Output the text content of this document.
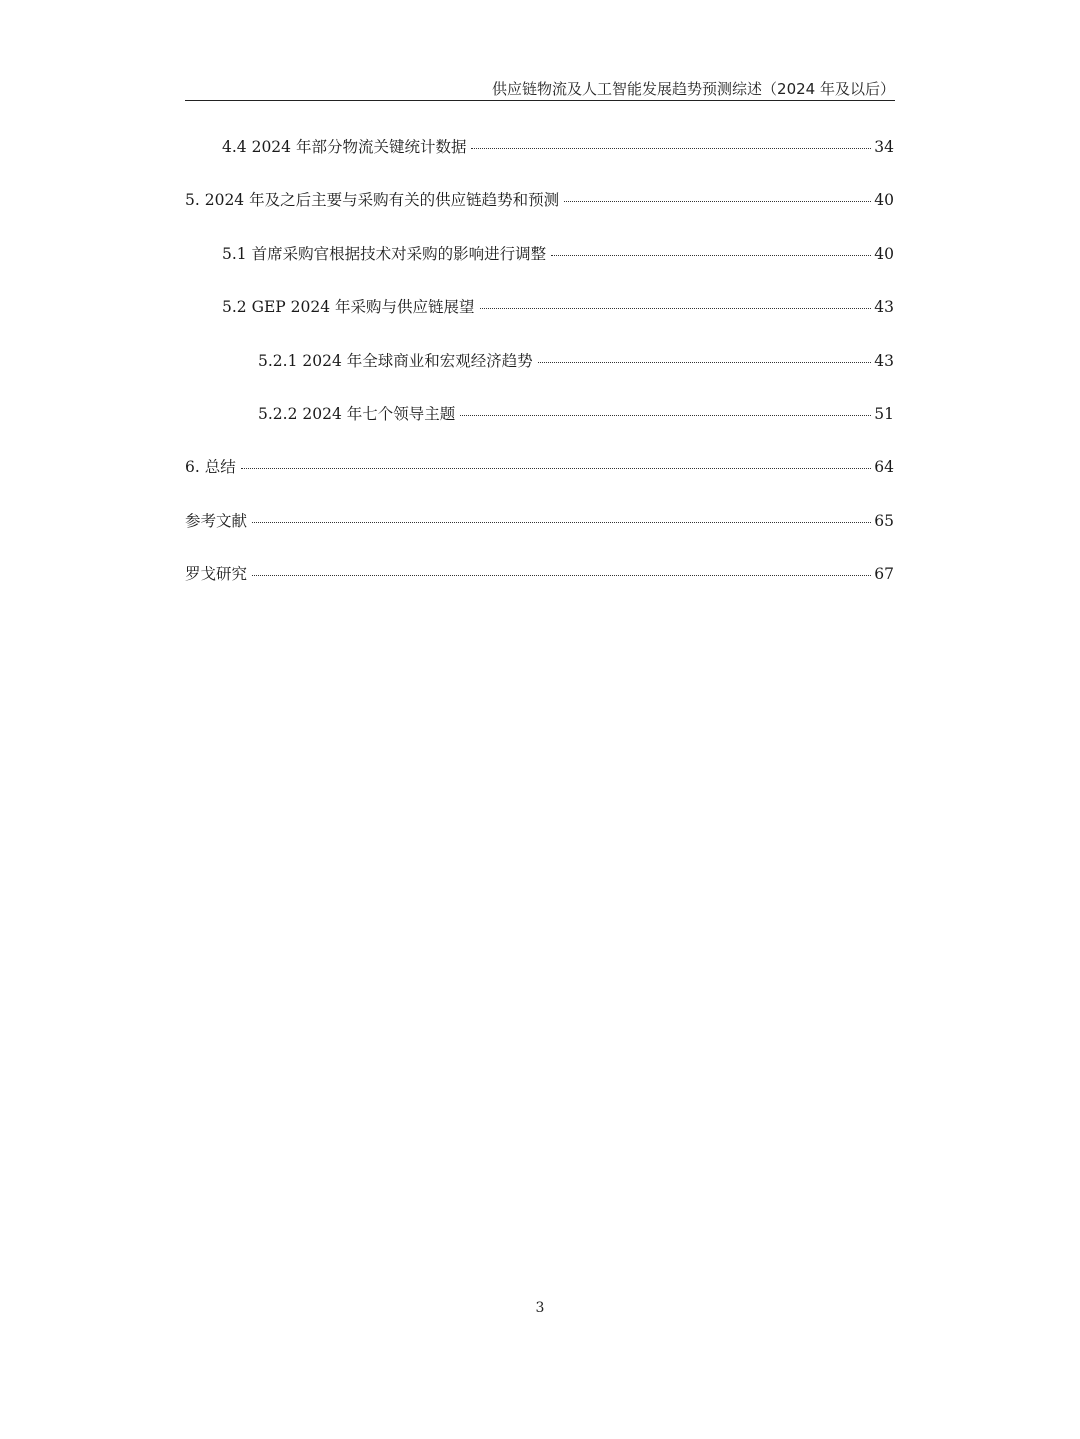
供应链物流及人工智能发展趋势预测综述（2024 年及以后）
4.4 2024 年部分物流关键统计数据	34
5. 2024 年及之后主要与采购有关的供应链趋势和预测	40
5.1 首席采购官根据技术对采购的影响进行调整	40
5.2 GEP 2024 年采购与供应链展望	43
5.2.1 2024 年全球商业和宏观经济趋势	43
5.2.2 2024 年七个领导主题	51
6. 总结	64
参考文献	65
罗戈研究	67
3
